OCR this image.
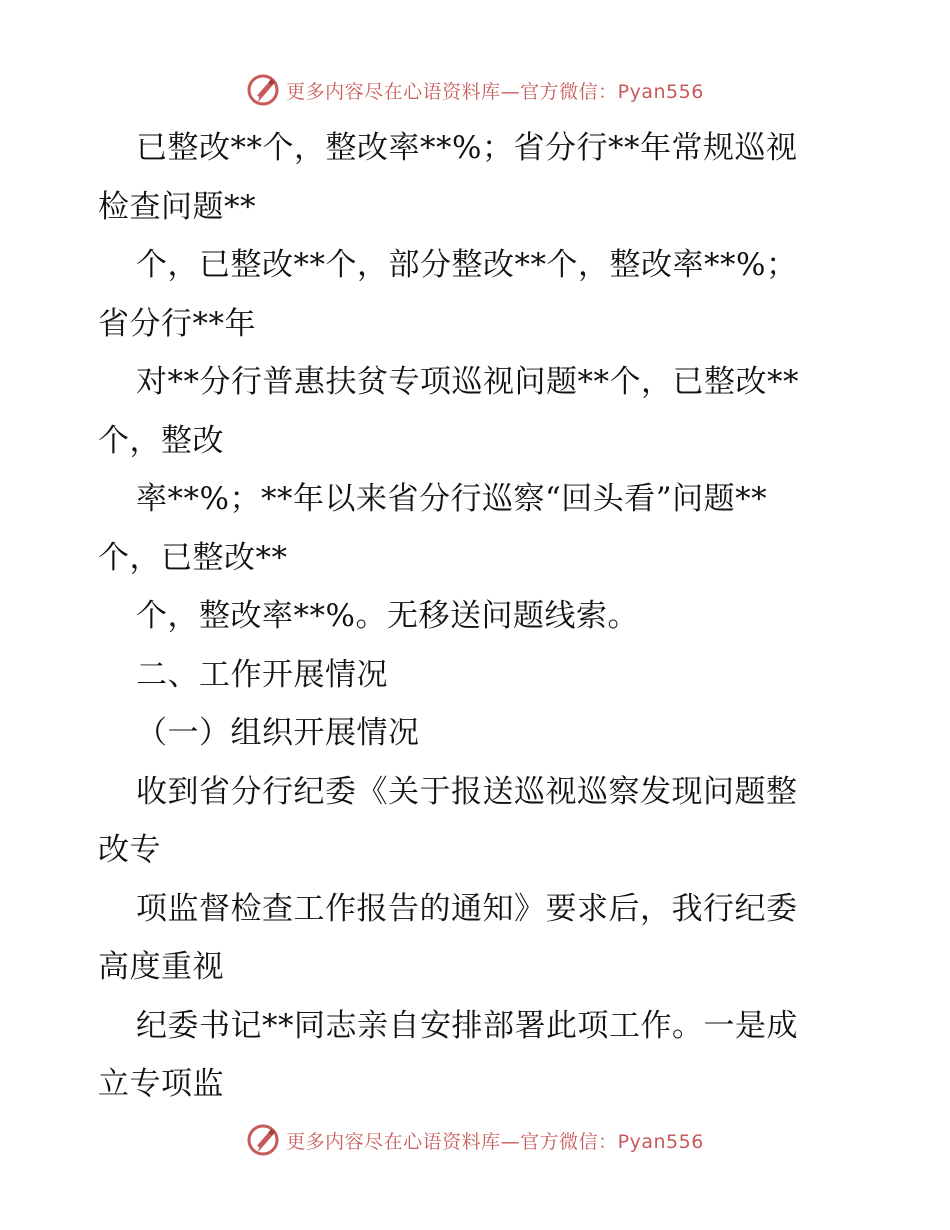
更多内容尽在心语资料库—官方微信：Pyan556
已整改**个，整改率**%；省分行**年常规巡视
检查问题**
个，已整改**个，部分整改**个，整改率**%；
省分行**年
对**分行普惠扶贫专项巡视问题**个，已整改**
个，整改
率**%；**年以来省分行巡察“回头看”问题**
个，已整改**
个，整改率**%。无移送问题线索。
二、工作开展情况
（一）组织开展情况
收到省分行纪委《关于报送巡视巡察发现问题整
改专
项监督检查工作报告的通知》要求后，我行纪委
高度重视
纪委书记**同志亲自安排部署此项工作。一是成
立专项监
更多内容尽在心语资料库—官方微信：Pyan556
